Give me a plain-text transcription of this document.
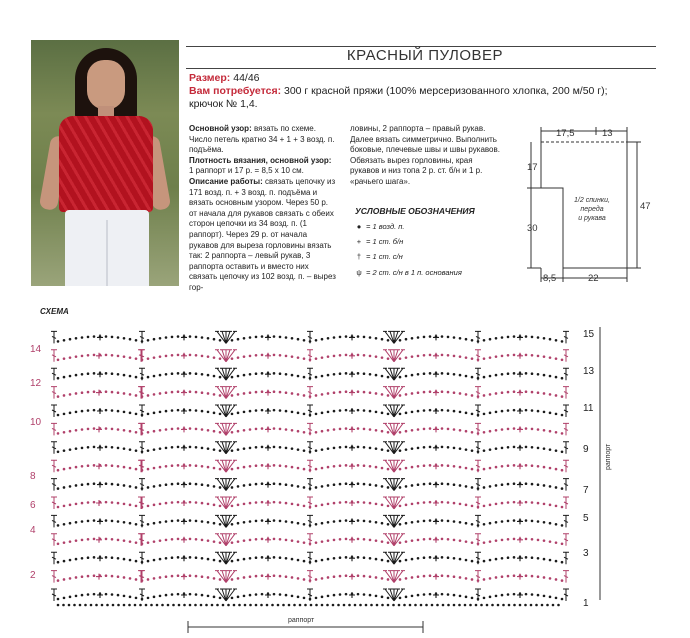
КРАСНЫЙ ПУЛОВЕР
Размер: 44/46
Вам потребуется: 300 г красной пряжи (100% мерсеризованного хлопка, 200 м/50 г);
крючок № 1,4.
Основной узор: вязать по схеме. Число петель кратно 34 + 1 + 3 возд. п. подъёма.
Плотность вязания, основной узор: 1 раппорт и 17 р. = 8,5 х 10 см.
Описание работы: связать цепочку из 171 возд. п. + 3 возд. п. подъёма и вязать основным узором. Через 50 р. от начала для рукавов связать с обеих сторон цепочки из 34 возд. п. (1 раппорт). Через 29 р. от начала рукавов для выреза горловины вязать так: 2 раппорта – левый рукав, 3 раппорта оставить и вместо них связать цепочку из 102 возд. п. – вырез гор-
ловины, 2 раппорта – правый рукав. Далее вязать симметрично. Выполнить боковые, плечевые швы и швы рукавов. Обвязать вырез горловины, края рукавов и низ топа 2 р. ст. б/н и 1 р. «рачьего шага».
УСЛОВНЫЕ ОБОЗНАЧЕНИЯ
● = 1 возд. п.
+ = 1 ст. б/н
† = 1 ст. с/н
ψ = 2 ст. с/н в 1 п. основания
17,5	13
17
30
47
8,5	22
1/2 спинки,
переда
и рукава
СХЕМА
14
12
10
8
6
4
2
15
13
11
9
7
5
3
1
раппорт
раппорт
